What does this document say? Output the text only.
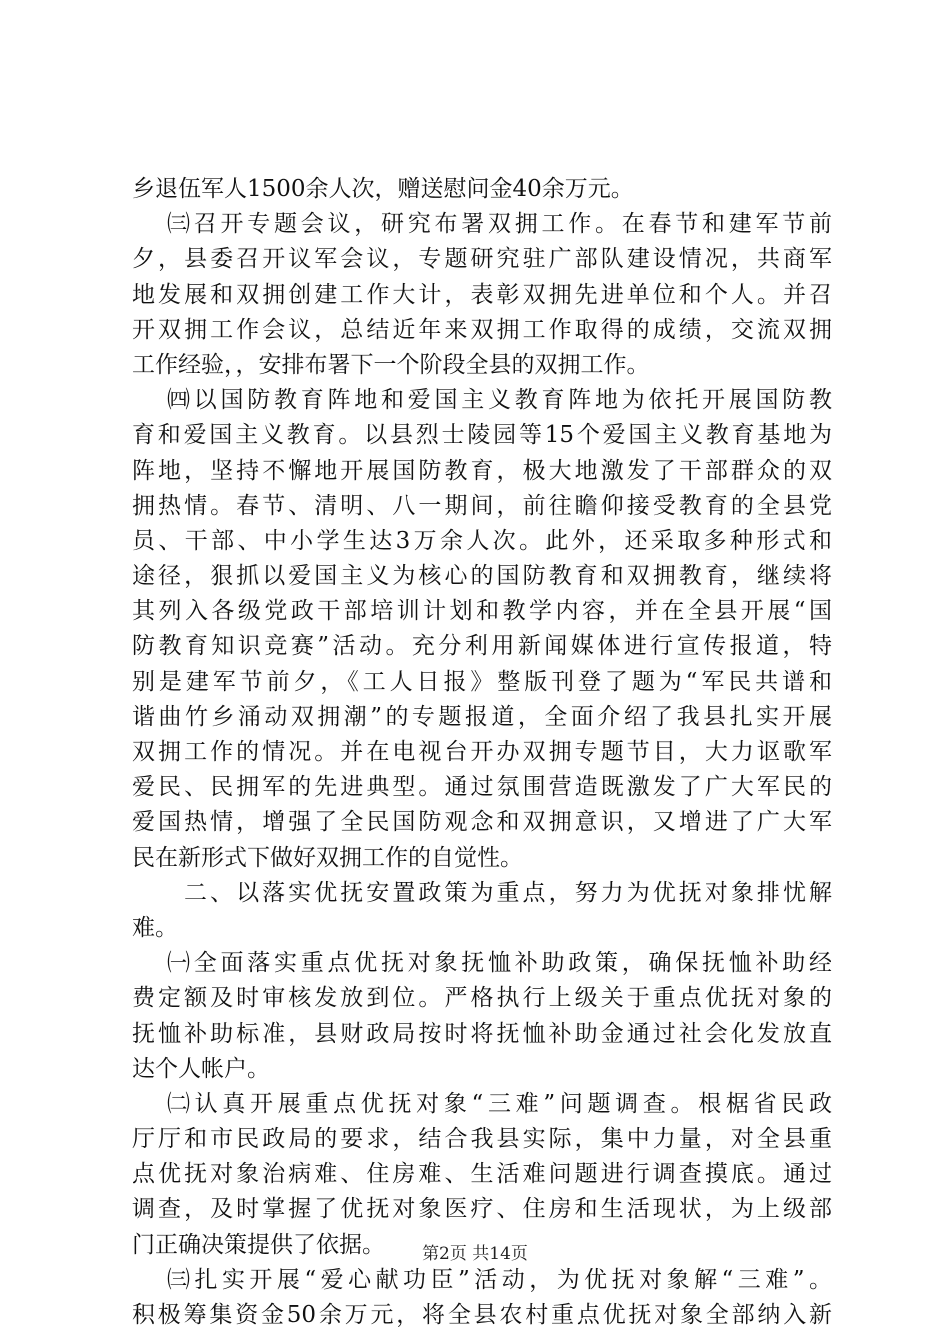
乡退伍军人1500余人次，赠送慰问金40余万元。
㈢召开专题会议，研究布署双拥工作。在春节和建军节前
夕，县委召开议军会议，专题研究驻广部队建设情况，共商军
地发展和双拥创建工作大计，表彰双拥先进单位和个人。并召
开双拥工作会议，总结近年来双拥工作取得的成绩，交流双拥
工作经验，，安排布署下一个阶段全县的双拥工作。
㈣以国防教育阵地和爱国主义教育阵地为依托开展国防教
育和爱国主义教育。以县烈士陵园等15个爱国主义教育基地为
阵地，坚持不懈地开展国防教育，极大地激发了干部群众的双
拥热情。春节、清明、八一期间，前往瞻仰接受教育的全县党
员、干部、中小学生达3万余人次。此外，还采取多种形式和
途径，狠抓以爱国主义为核心的国防教育和双拥教育，继续将
其列入各级党政干部培训计划和教学内容，并在全县开展“国
防教育知识竞赛”活动。充分利用新闻媒体进行宣传报道，特
别是建军节前夕，《工人日报》整版刊登了题为“军民共谱和
谐曲竹乡涌动双拥潮”的专题报道，全面介绍了我县扎实开展
双拥工作的情况。并在电视台开办双拥专题节目，大力讴歌军
爱民、民拥军的先进典型。通过氛围营造既激发了广大军民的
爱国热情，增强了全民国防观念和双拥意识，又增进了广大军
民在新形式下做好双拥工作的自觉性。
二、以落实优抚安置政策为重点，努力为优抚对象排忧解
难。
㈠全面落实重点优抚对象抚恤补助政策，确保抚恤补助经
费定额及时审核发放到位。严格执行上级关于重点优抚对象的
抚恤补助标准，县财政局按时将抚恤补助金通过社会化发放直
达个人帐户。
㈡认真开展重点优抚对象“三难”问题调查。根椐省民政
厅厅和市民政局的要求，结合我县实际，集中力量，对全县重
点优抚对象治病难、住房难、生活难问题进行调查摸底。通过
调查，及时掌握了优抚对象医疗、住房和生活现状，为上级部
门正确决策提供了依据。
㈢扎实开展“爱心献功臣”活动，为优抚对象解“三难”。
积极筹集资金50余万元，将全县农村重点优抚对象全部纳入新
第2页 共14页
